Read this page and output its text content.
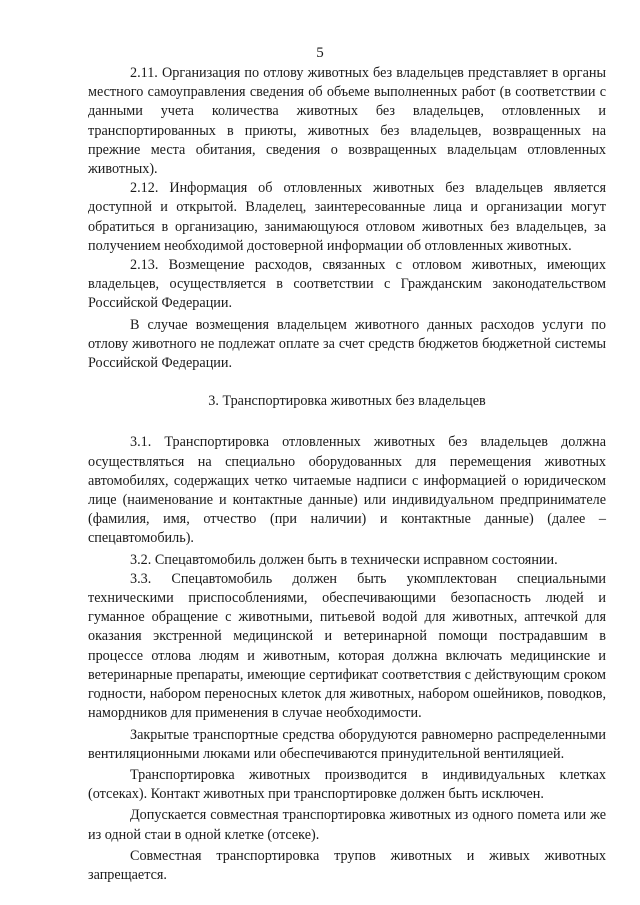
5

2.11. Организация по отлову животных без владельцев представляет в органы местного самоуправления сведения об объеме выполненных работ (в соответствии с данными учета количества животных без владельцев, отловленных и транспортированных в приюты, животных без владельцев, возвращенных на прежние места обитания, сведения о возвращенных владельцам отловленных животных).

2.12. Информация об отловленных животных без владельцев является доступной и открытой. Владелец, заинтересованные лица и организации могут обратиться в организацию, занимающуюся отловом животных без владельцев, за получением необходимой достоверной информации об отловленных животных.

2.13. Возмещение расходов, связанных с отловом животных, имеющих владельцев, осуществляется в соответствии с Гражданским законодательством Российской Федерации.

В случае возмещения владельцем животного данных расходов услуги по отлову животного не подлежат оплате за счет средств бюджетов бюджетной системы Российской Федерации.

3. Транспортировка животных без владельцев

3.1. Транспортировка отловленных животных без владельцев должна осуществляться на специально оборудованных для перемещения животных автомобилях, содержащих четко читаемые надписи с информацией о юридическом лице (наименование и контактные данные) или индивидуальном предпринимателе (фамилия, имя, отчество (при наличии) и контактные данные) (далее – спецавтомобиль).

3.2. Спецавтомобиль должен быть в технически исправном состоянии.

3.3. Спецавтомобиль должен быть укомплектован специальными техническими приспособлениями, обеспечивающими безопасность людей и гуманное обращение с животными, питьевой водой для животных, аптечкой для оказания экстренной медицинской и ветеринарной помощи пострадавшим в процессе отлова людям и животным, которая должна включать медицинские и ветеринарные препараты, имеющие сертификат соответствия с действующим сроком годности, набором переносных клеток для животных, набором ошейников, поводков, намордников для применения в случае необходимости.

Закрытые транспортные средства оборудуются равномерно распределенными вентиляционными люками или обеспечиваются принудительной вентиляцией.

Транспортировка животных производится в индивидуальных клетках (отсеках). Контакт животных при транспортировке должен быть исключен.

Допускается совместная транспортировка животных из одного помета или же из одной стаи в одной клетке (отсеке).

Совместная транспортировка трупов животных и живых животных запрещается.
